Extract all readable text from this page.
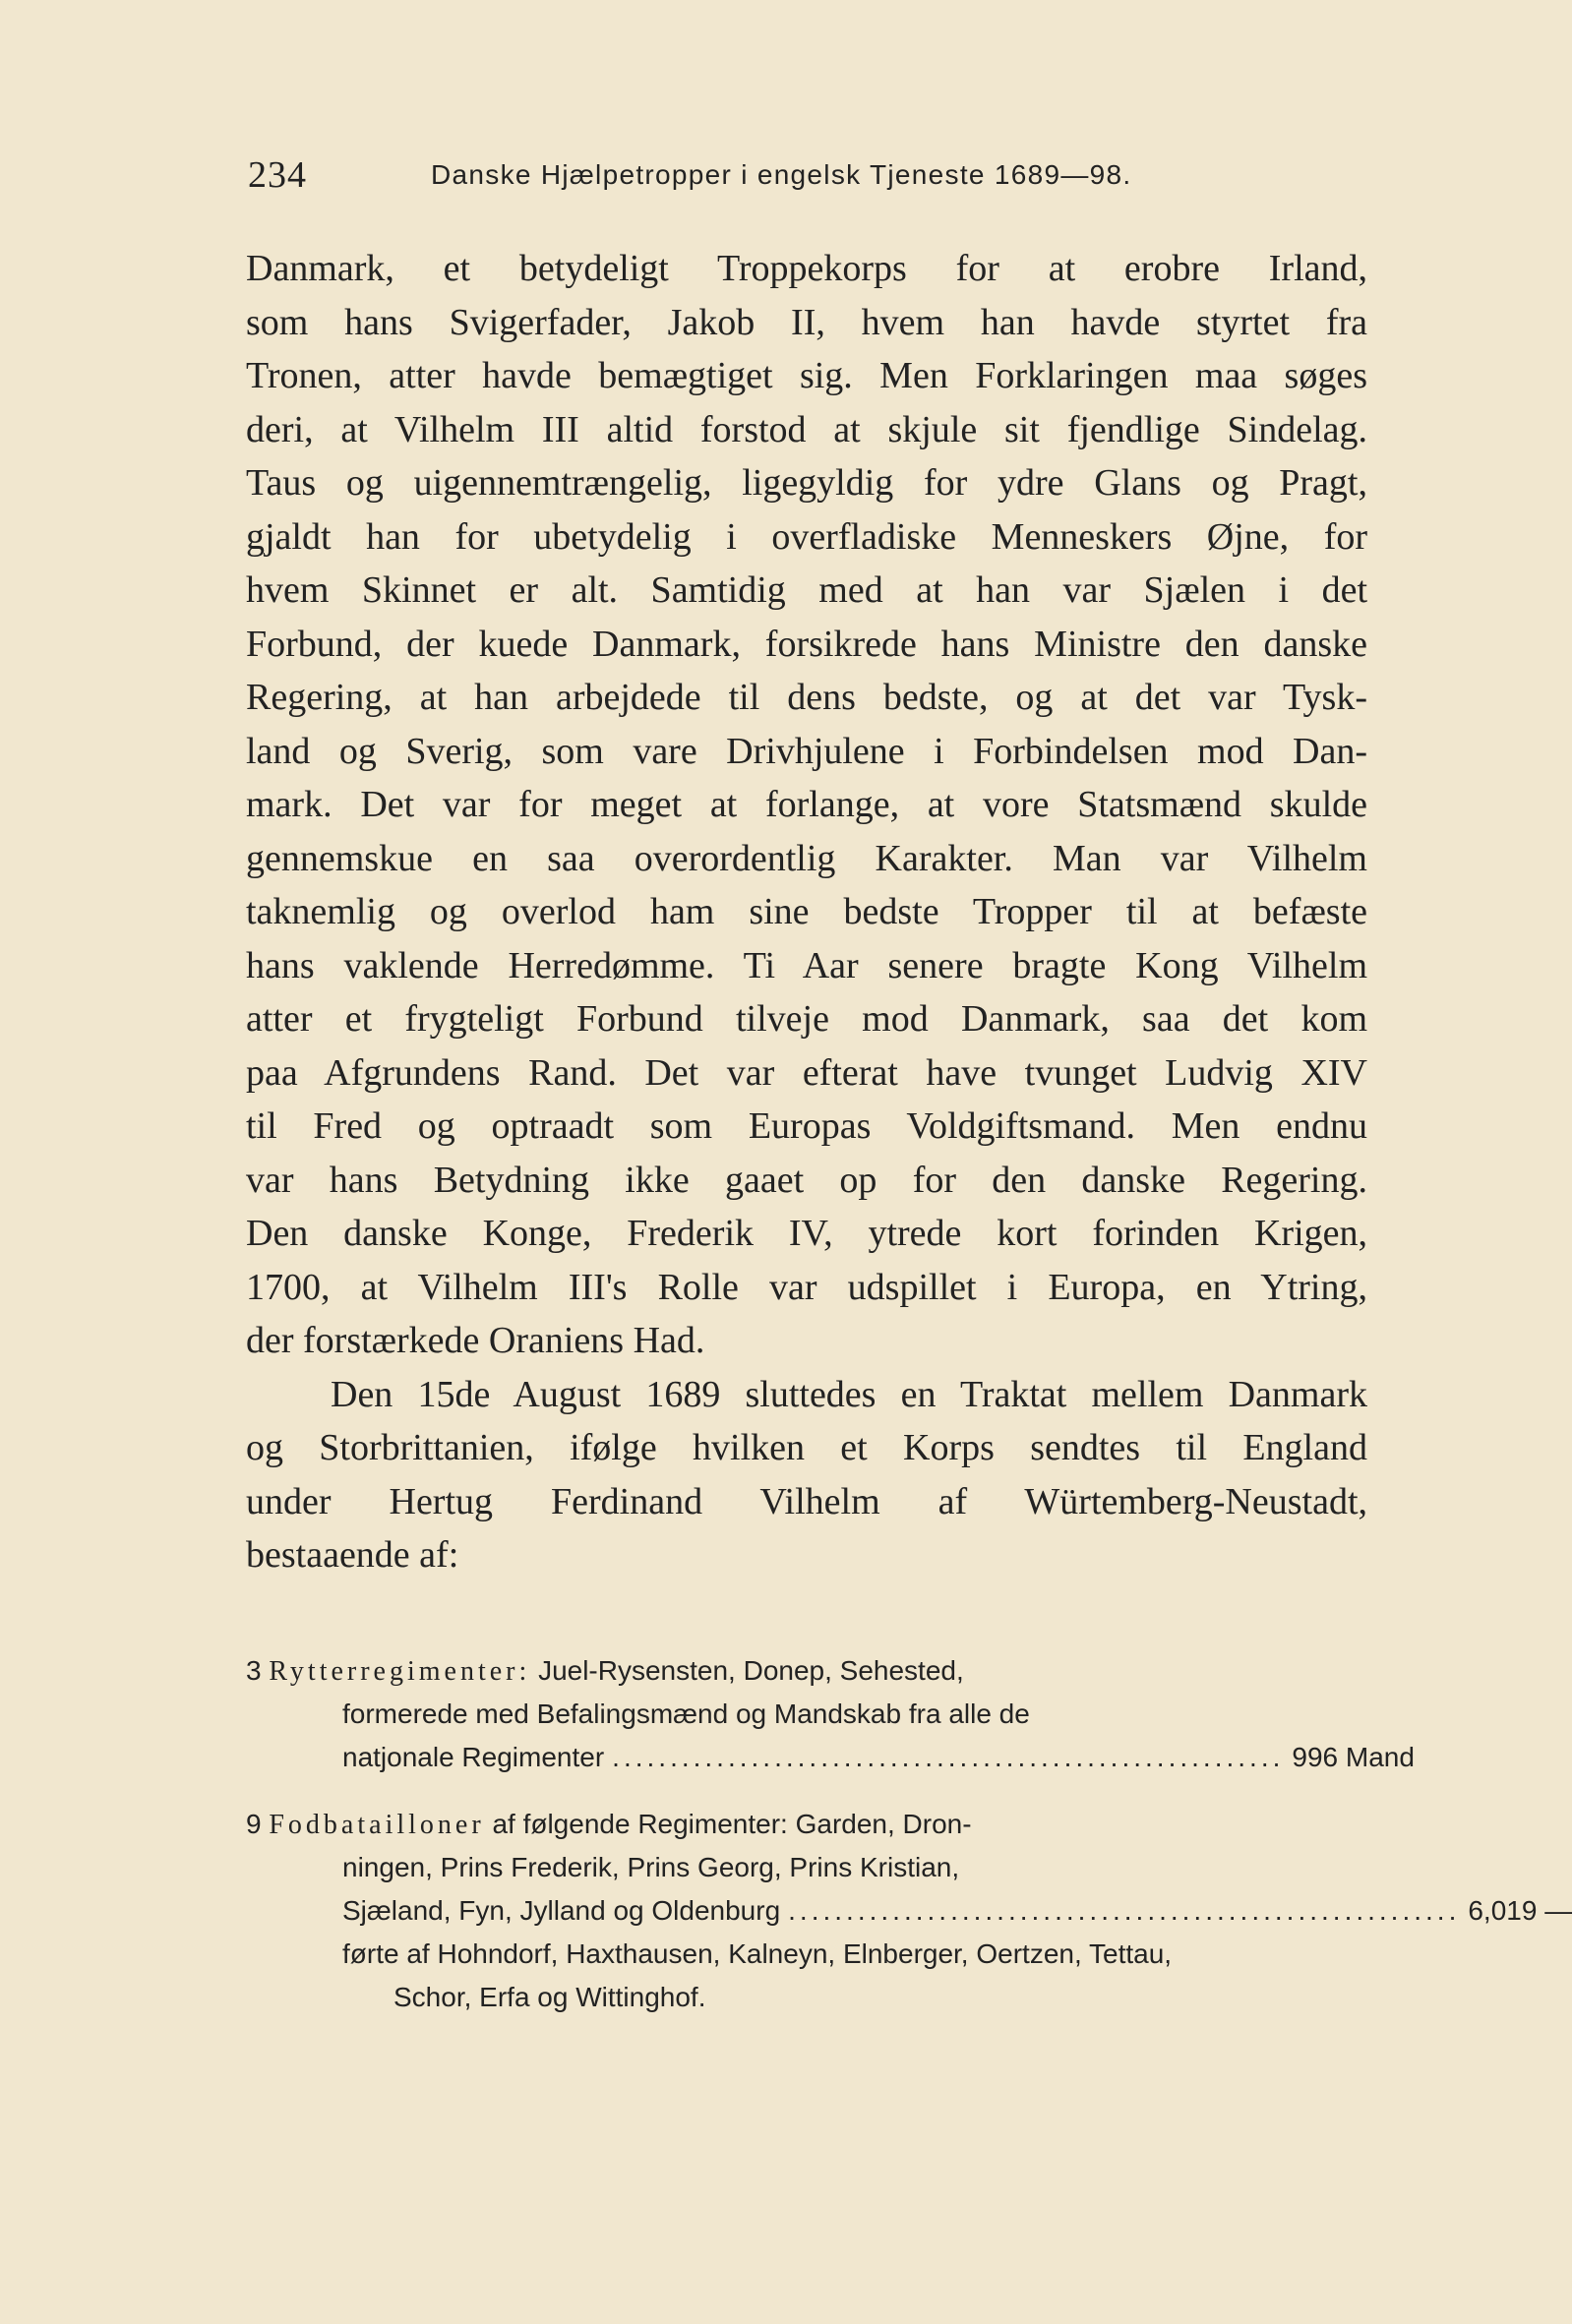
234	Danske Hjælpetropper i engelsk Tjeneste 1689—98.
Danmark, et betydeligt Troppekorps for at erobre Irland,
som hans Svigerfader, Jakob II, hvem han havde styrtet fra
Tronen, atter havde bemægtiget sig. Men Forklaringen maa søges
deri, at Vilhelm III altid forstod at skjule sit fjendlige Sindelag.
Taus og uigennemtrængelig, ligegyldig for ydre Glans og Pragt,
gjaldt han for ubetydelig i overfladiske Menneskers Øjne, for
hvem Skinnet er alt. Samtidig med at han var Sjælen i det
Forbund, der kuede Danmark, forsikrede hans Ministre den danske
Regering, at han arbejdede til dens bedste, og at det var Tysk-
land og Sverig, som vare Drivhjulene i Forbindelsen mod Dan-
mark. Det var for meget at forlange, at vore Statsmænd skulde
gennemskue en saa overordentlig Karakter. Man var Vilhelm
taknemlig og overlod ham sine bedste Tropper til at befæste
hans vaklende Herredømme. Ti Aar senere bragte Kong Vilhelm
atter et frygteligt Forbund tilveje mod Danmark, saa det kom
paa Afgrundens Rand. Det var efterat have tvunget Ludvig XIV
til Fred og optraadt som Europas Voldgiftsmand. Men endnu
var hans Betydning ikke gaaet op for den danske Regering.
Den danske Konge, Frederik IV, ytrede kort forinden Krigen,
1700, at Vilhelm III's Rolle var udspillet i Europa, en Ytring,
der forstærkede Oraniens Had.
Den 15de August 1689 sluttedes en Traktat mellem Danmark
og Storbrittanien, ifølge hvilken et Korps sendtes til England
under Hertug Ferdinand Vilhelm af Würtemberg-Neustadt,
bestaaende af:
3 Rytterregimenter: Juel-Rysensten, Donep, Sehested,
formerede med Befalingsmænd og Mandskab fra alle de
natjonale Regimenter .......................................................... 996 Mand
9 Fodbatailloner af følgende Regimenter: Garden, Dron-
ningen, Prins Frederik, Prins Georg, Prins Kristian,
Sjæland, Fyn, Jylland og Oldenburg .......................................................... 6,019 —
førte af Hohndorf, Haxthausen, Kalneyn, Elnberger, Oertzen, Tettau,
Schor, Erfa og Wittinghof.
